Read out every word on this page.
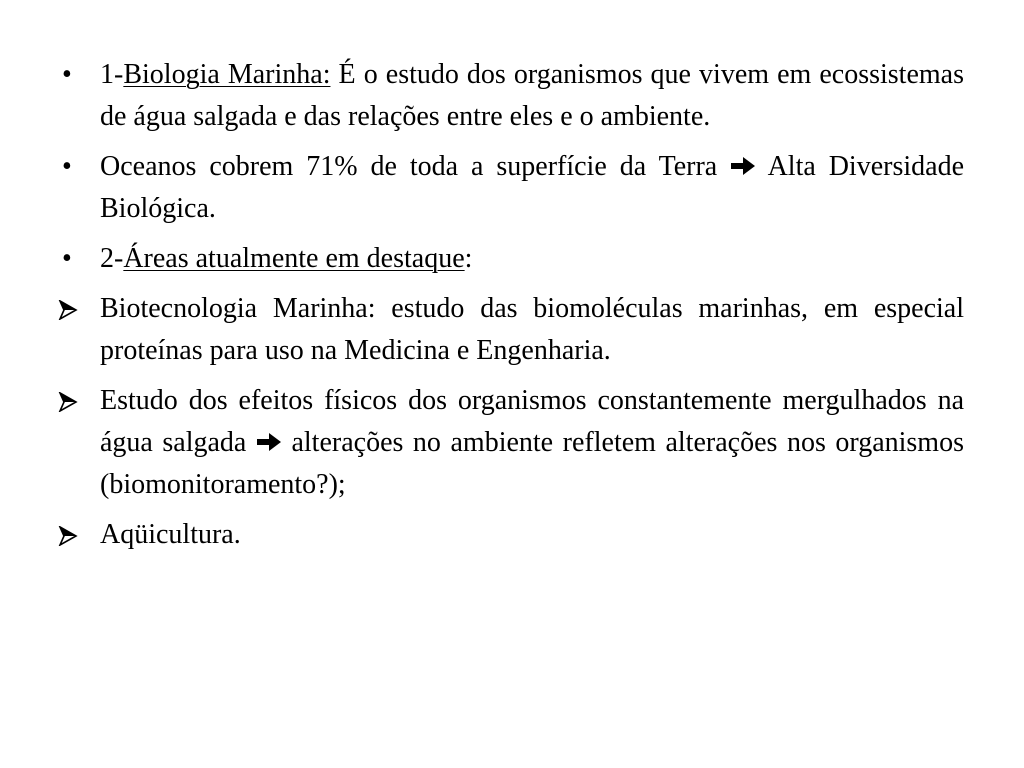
•	1-Biologia Marinha: É o estudo dos organismos que vivem em ecossistemas de água salgada e das relações entre eles e o ambiente.
•	Oceanos cobrem 71% de toda a superfície da Terra  Alta Diversidade Biológica.
•	2-Áreas atualmente em destaque:
Biotecnologia Marinha: estudo das biomoléculas marinhas, em especial proteínas para uso na Medicina e Engenharia.
Estudo dos efeitos físicos dos organismos constantemente mergulhados na água salgada  alterações no ambiente refletem alterações nos organismos (biomonitoramento?);
Aqüicultura.
